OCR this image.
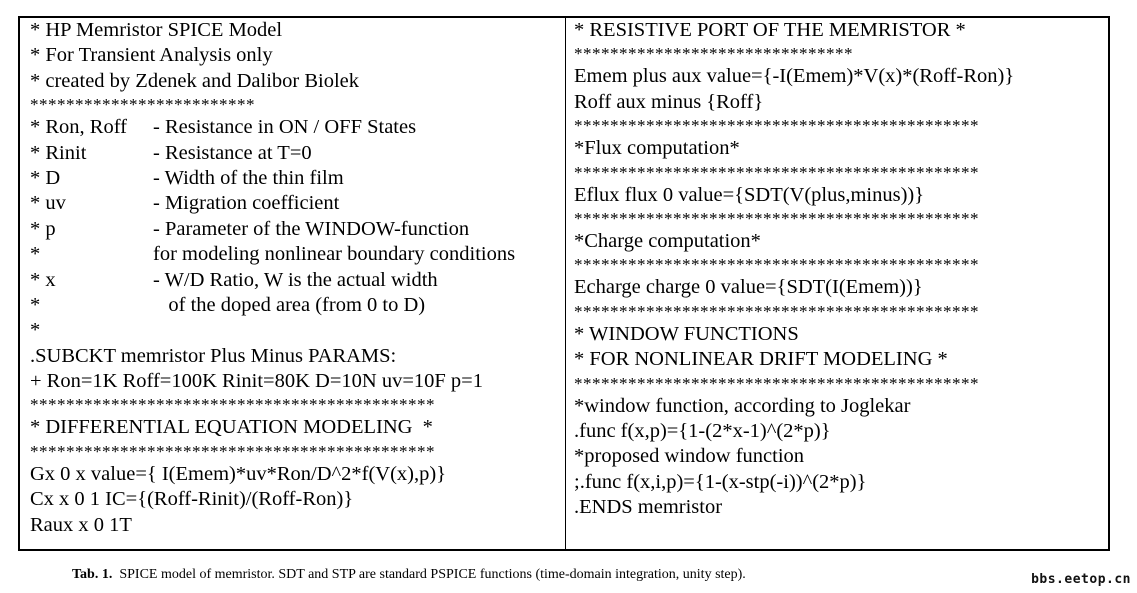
* HP Memristor SPICE Model
* For Transient Analysis only
* created by Zdenek and Dalibor Biolek
*************************
* Ron, Roff	- Resistance in ON / OFF States
* Rinit	- Resistance at T=0
* D	- Width of the thin film
* uv	- Migration coefficient
* p	- Parameter of the WINDOW-function
*	for modeling nonlinear boundary conditions
* x	- W/D Ratio, W is the actual width
*	of the doped area (from 0 to D)
*
.SUBCKT memristor Plus Minus PARAMS:
+ Ron=1K Roff=100K Rinit=80K D=10N uv=10F p=1
*********************************************
* DIFFERENTIAL EQUATION MODELING  *
*********************************************
Gx 0 x value={ I(Emem)*uv*Ron/D^2*f(V(x),p)}
Cx x 0 1 IC={(Roff-Rinit)/(Roff-Ron)}
Raux x 0 1T
* RESISTIVE PORT OF THE MEMRISTOR *
*******************************
Emem plus aux value={-I(Emem)*V(x)*(Roff-Ron)}
Roff aux minus {Roff}
*********************************************
*Flux computation*
*********************************************
Eflux flux 0 value={SDT(V(plus,minus))}
*********************************************
*Charge computation*
*********************************************
Echarge charge 0 value={SDT(I(Emem))}
*********************************************
* WINDOW FUNCTIONS
* FOR NONLINEAR DRIFT MODELING *
*********************************************
*window function, according to Joglekar
.func f(x,p)={1-(2*x-1)^(2*p)}
*proposed window function
;.func f(x,i,p)={1-(x-stp(-i))^(2*p)}
.ENDS memristor
Tab. 1.  SPICE model of memristor. SDT and STP are standard PSPICE functions (time-domain integration, unity step).	bbs.eetop.cn
